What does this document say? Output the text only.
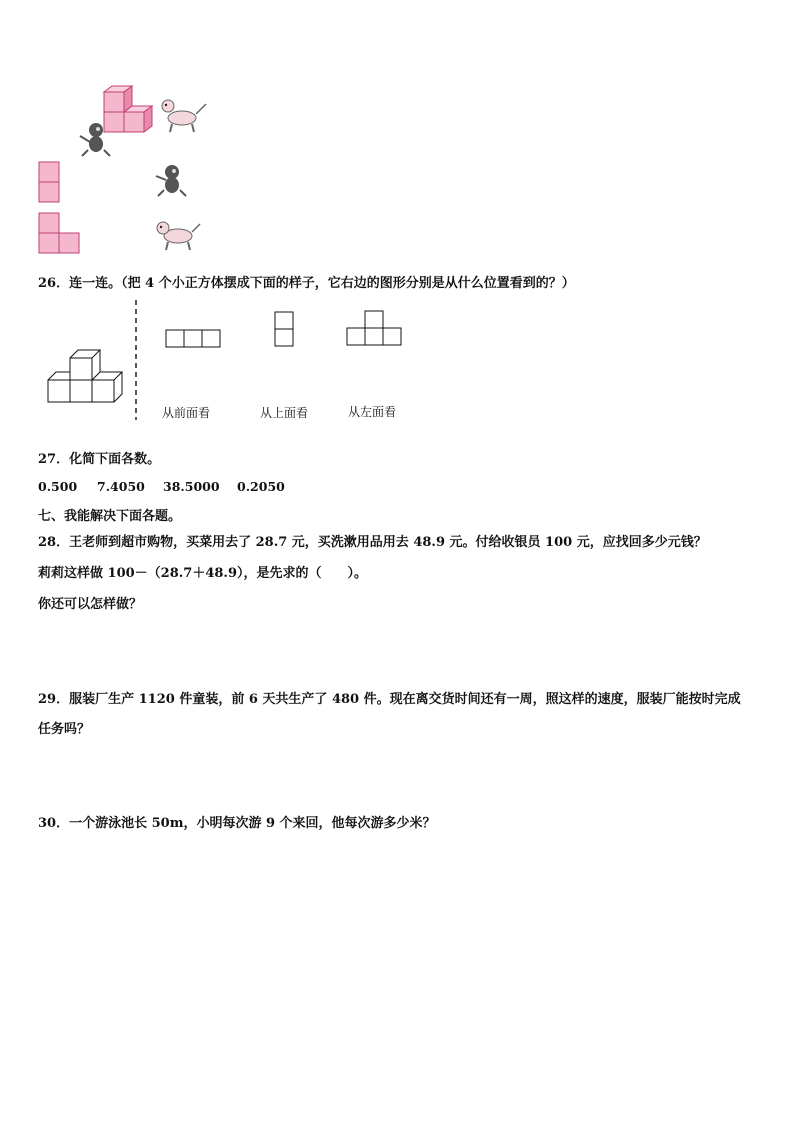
26．连一连。（把 4 个小正方体摆成下面的样子，它右边的图形分别是从什么位置看到的？）
从前面看	从上面看	从左面看
27．化简下面各数。
0.500 7.4050 38.5000 0.2050
七、我能解决下面各题。
28．王老师到超市购物，买菜用去了 28.7 元，买洗漱用品用去 48.9 元。付给收银员 100 元，应找回多少元钱？
莉莉这样做 100－（28.7＋48.9），是先求的（　　）。
你还可以怎样做？
29．服装厂生产 1120 件童装，前 6 天共生产了 480 件。现在离交货时间还有一周，照这样的速度，服装厂能按时完成
任务吗？
30．一个游泳池长 50m，小明每次游 9 个来回，他每次游多少米？
